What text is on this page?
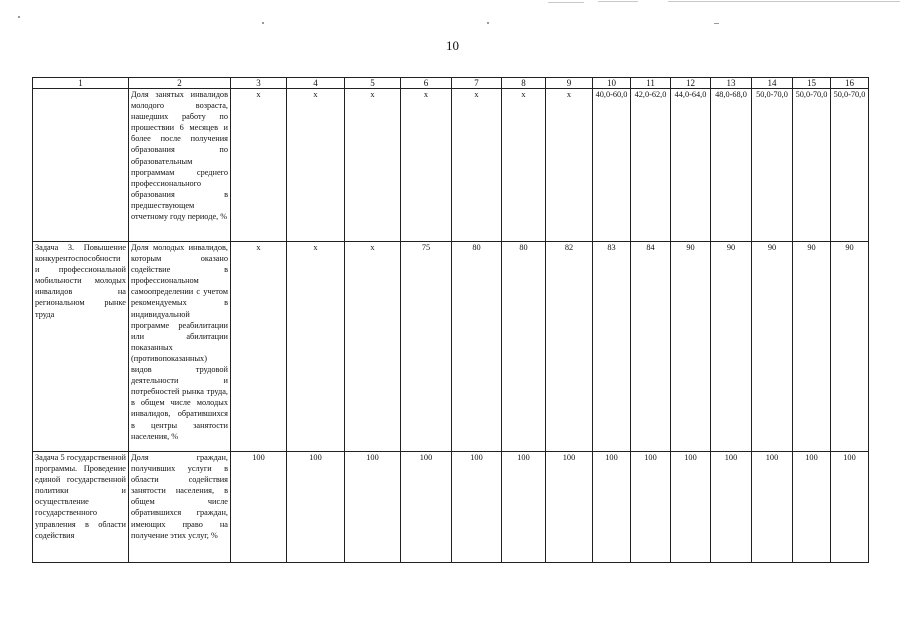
10
1	2	3	4	5	6	7	8	9	10	11	12	13	14	15	16
	Доля занятых инвалидов молодого возраста, нашедших работу по прошествии 6 месяцев и более после получения образования по образовательным программам среднего профессионального образования в предшествующем отчетному году периоде, %	x	x	x	x	x	x	x	40,0-60,0	42,0-62,0	44,0-64,0	48,0-68,0	50,0-70,0	50,0-70,0	50,0-70,0
Задача 3. Повышение конкурентоспособности и профессиональной мобильности молодых инвалидов на региональном рынке труда	Доля молодых инвалидов, которым оказано содействие в профессиональном самоопределении с учетом рекомендуемых в индивидуальной программе реабилитации или абилитации показанных (противопоказанных) видов трудовой деятельности и потребностей рынка труда, в общем числе молодых инвалидов, обратившихся в центры занятости населения, %	x	x	x	75	80	80	82	83	84	90	90	90	90	90
Задача 5 государственной программы. Проведение единой государственной политики и осуществление государственного управления в области содействия	Доля граждан, получивших услуги в области содействия занятости населения, в общем числе обратившихся граждан, имеющих право на получение этих услуг, %	100	100	100	100	100	100	100	100	100	100	100	100	100	100
